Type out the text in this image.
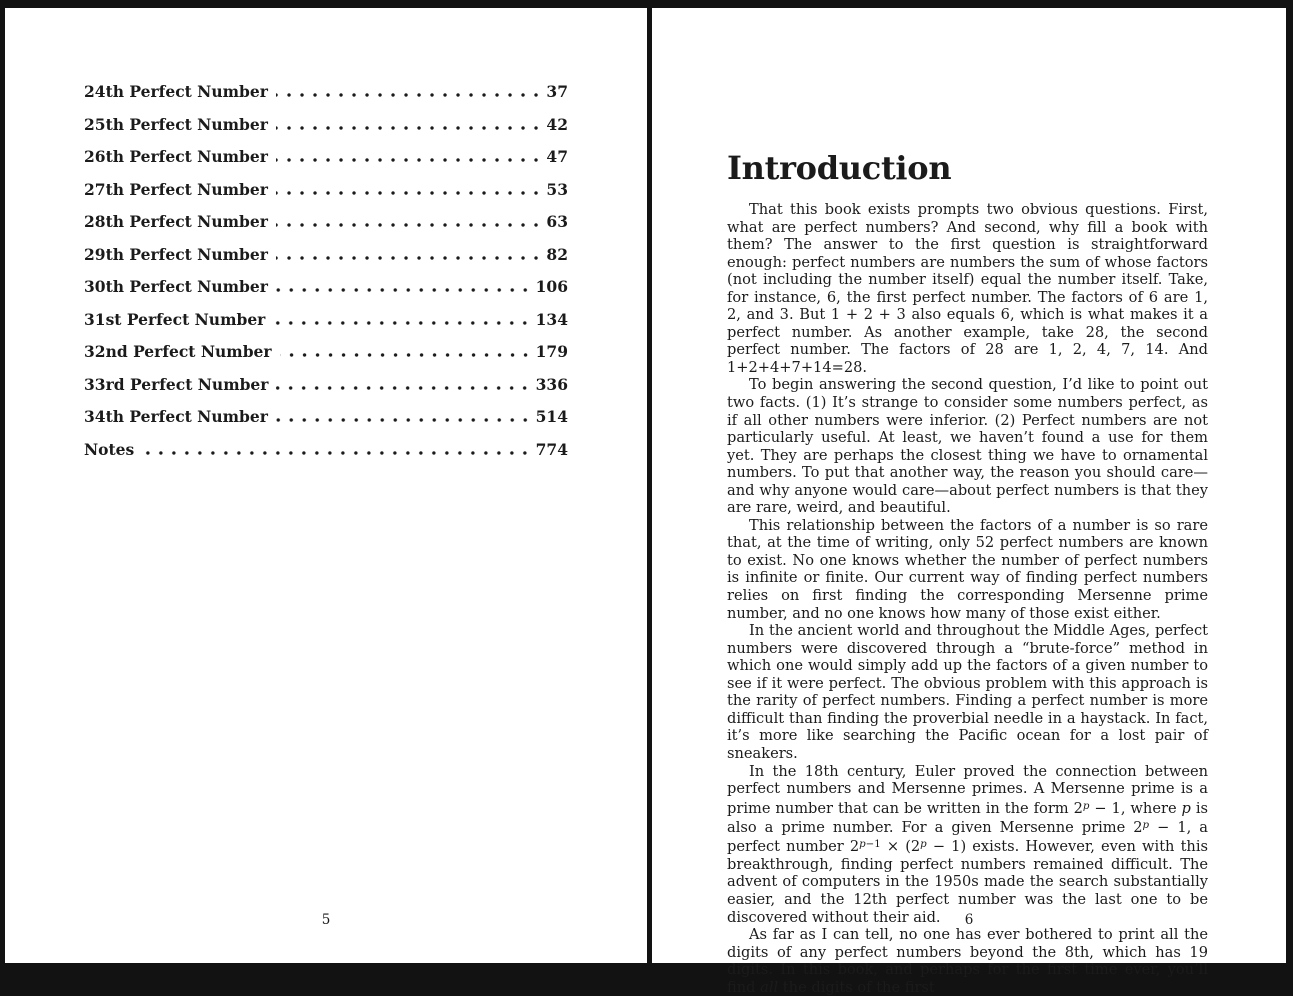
24th Perfect Number	37
25th Perfect Number	42
26th Perfect Number	47
27th Perfect Number	53
28th Perfect Number	63
29th Perfect Number	82
30th Perfect Number	106
31st Perfect Number	134
32nd Perfect Number	179
33rd Perfect Number	336
34th Perfect Number	514
Notes	774
5
Introduction

That this book exists prompts two obvious questions. First, what are perfect numbers? And second, why fill a book with them? The answer to the first question is straightforward enough: perfect numbers are numbers the sum of whose factors (not including the number itself) equal the number itself. Take, for instance, 6, the first perfect number. The factors of 6 are 1, 2, and 3. But 1 + 2 + 3 also equals 6, which is what makes it a perfect number. As another example, take 28, the second perfect number. The factors of 28 are 1, 2, 4, 7, 14. And 1+2+4+7+14=28.

To begin answering the second question, I’d like to point out two facts. (1) It’s strange to consider some numbers perfect, as if all other numbers were inferior. (2) Perfect numbers are not particularly useful. At least, we haven’t found a use for them yet. They are perhaps the closest thing we have to ornamental numbers. To put that another way, the reason you should care—and why anyone would care—about perfect numbers is that they are rare, weird, and beautiful.

This relationship between the factors of a number is so rare that, at the time of writing, only 52 perfect numbers are known to exist. No one knows whether the number of perfect numbers is infinite or finite. Our current way of finding perfect numbers relies on first finding the corresponding Mersenne prime number, and no one knows how many of those exist either.

In the ancient world and throughout the Middle Ages, perfect numbers were discovered through a “brute-force” method in which one would simply add up the factors of a given number to see if it were perfect. The obvious problem with this approach is the rarity of perfect numbers. Finding a perfect number is more difficult than finding the proverbial needle in a haystack. In fact, it’s more like searching the Pacific ocean for a lost pair of sneakers.

In the 18th century, Euler proved the connection between perfect numbers and Mersenne primes. A Mersenne prime is a prime number that can be written in the form $2^p - 1$, where p is also a prime number. For a given Mersenne prime $2^p - 1$, a perfect number $2^{p-1} \times (2^p - 1)$ exists. However, even with this breakthrough, finding perfect numbers remained difficult. The advent of computers in the 1950s made the search substantially easier, and the 12th perfect number was the last one to be discovered without their aid.

As far as I can tell, no one has ever bothered to print all the digits of any perfect numbers beyond the 8th, which has 19 digits. In this book, and perhaps for the first time ever, you’ll find all the digits of the first

6
